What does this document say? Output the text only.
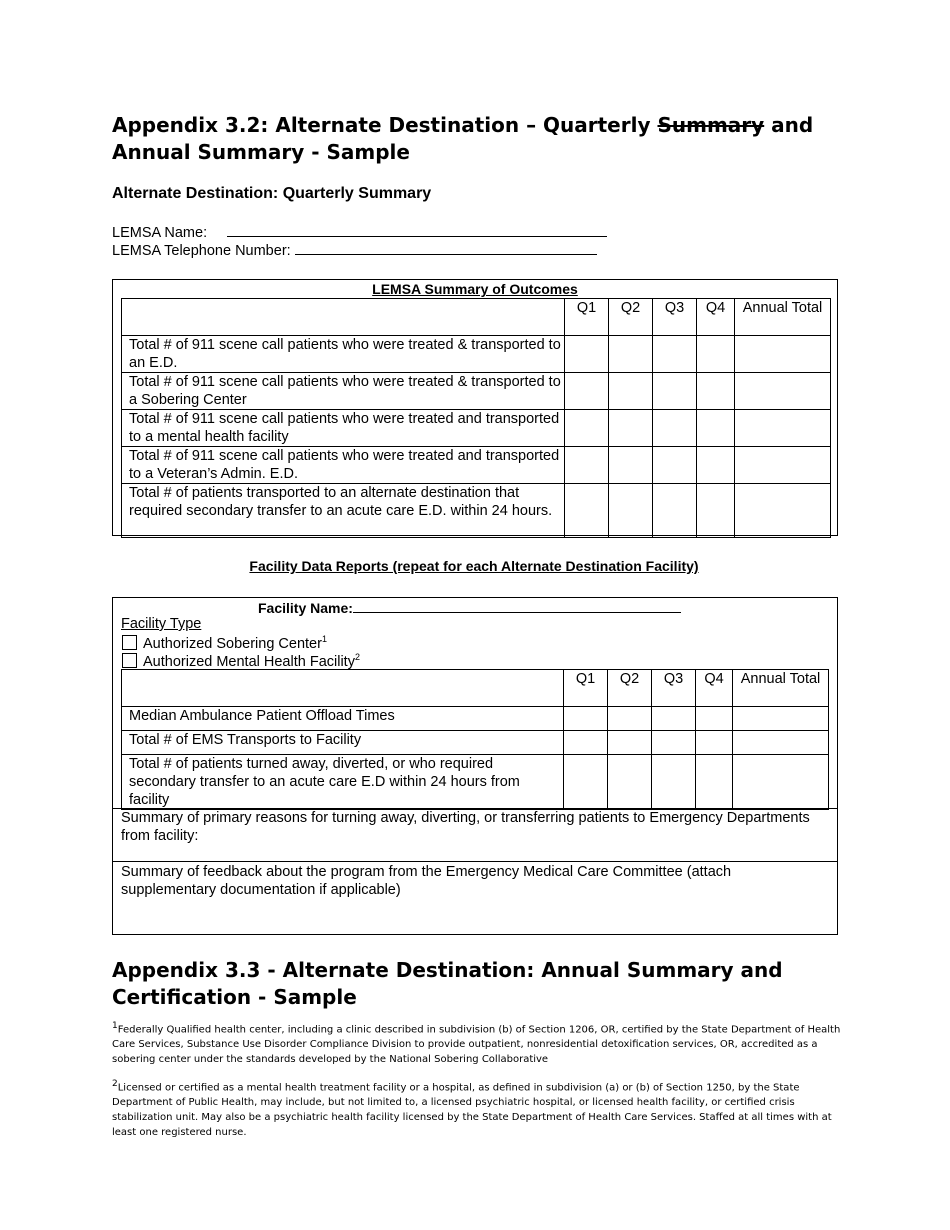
Appendix 3.2: Alternate Destination – Quarterly Summary and Annual Summary - Sample
Alternate Destination: Quarterly Summary
LEMSA Name:
LEMSA Telephone Number:
LEMSA Summary of Outcomes
	Q1	Q2	Q3	Q4	Annual Total
Total # of 911 scene call patients who were treated & transported to an E.D.					
Total # of 911 scene call patients who were treated & transported to a Sobering Center					
Total # of 911 scene call patients who were treated and transported to a mental health facility					
Total # of 911 scene call patients who were treated and transported to a Veteran’s Admin. E.D.					
Total # of patients transported to an alternate destination that required secondary transfer to an acute care E.D. within 24 hours.					
Facility Data Reports (repeat for each Alternate Destination Facility)
Facility Name:
Facility Type
Authorized Sobering Center$^1$
Authorized Mental Health Facility$^2$
	Q1	Q2	Q3	Q4	Annual Total
Median Ambulance Patient Offload Times					
Total # of EMS Transports to Facility					
Total # of patients turned away, diverted, or who required secondary transfer to an acute care E.D within 24 hours from facility					
Summary of primary reasons for turning away, diverting, or transferring patients to Emergency Departments from facility:
Summary of feedback about the program from the Emergency Medical Care Committee (attach supplementary documentation if applicable)
Appendix 3.3 - Alternate Destination: Annual Summary and Certification - Sample
$^1$Federally Qualified health center, including a clinic described in subdivision (b) of Section 1206, OR, certified by the State Department of Health Care Services, Substance Use Disorder Compliance Division to provide outpatient, nonresidential detoxification services, OR, accredited as a sobering center under the standards developed by the National Sobering Collaborative
$^2$Licensed or certified as a mental health treatment facility or a hospital, as defined in subdivision (a) or (b) of Section 1250, by the State Department of Public Health, may include, but not limited to, a licensed psychiatric hospital, or licensed health facility, or certified crisis stabilization unit. May also be a psychiatric health facility licensed by the State Department of Health Care Services. Staffed at all times with at least one registered nurse.
